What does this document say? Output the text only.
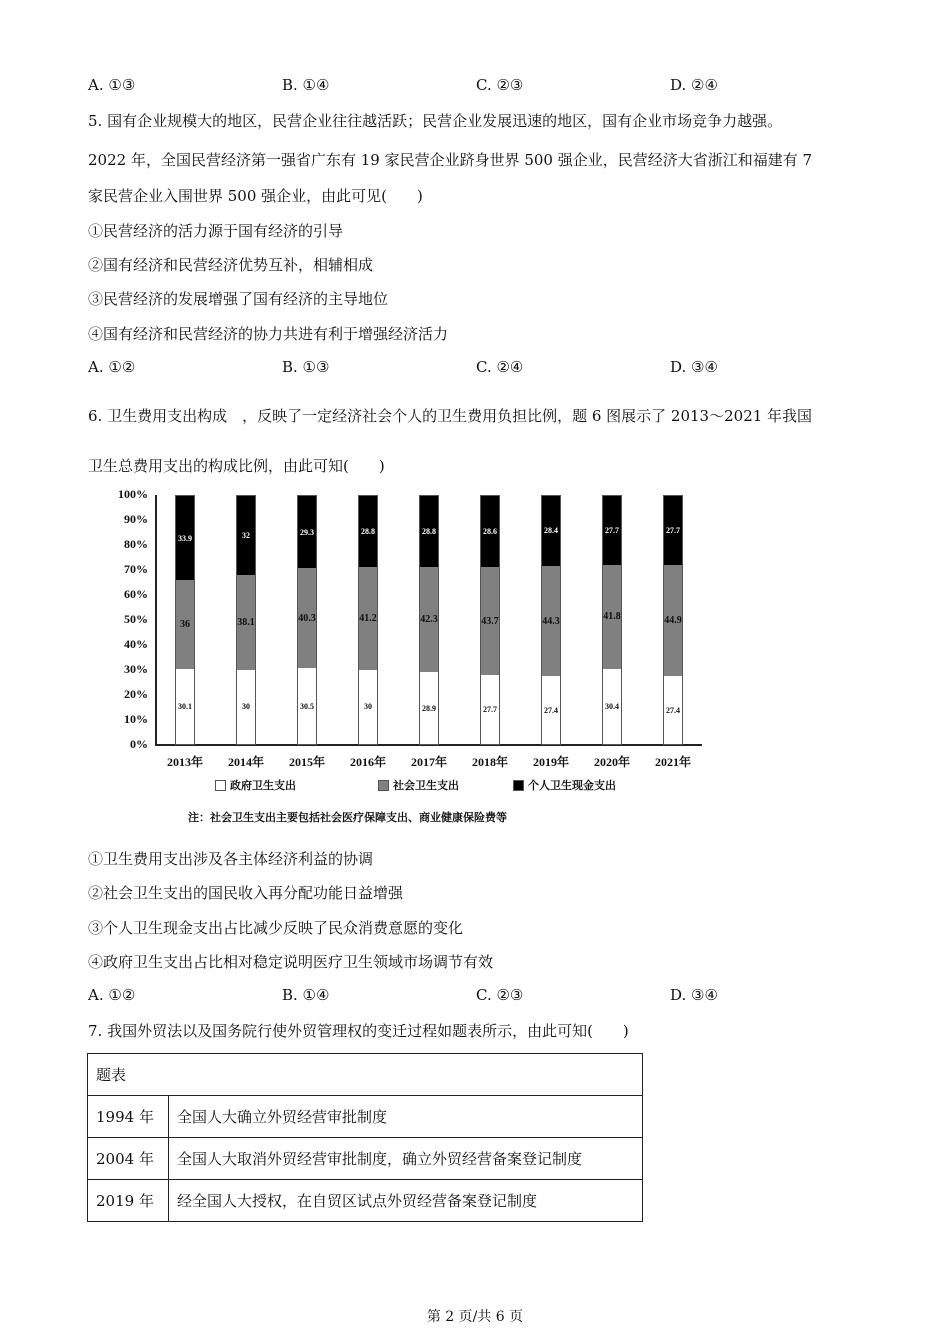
A. ①③	B. ①④	C. ②③	D. ②④
5. 国有企业规模大的地区，民营企业往往越活跃；民营企业发展迅速的地区，国有企业市场竞争力越强。
2022 年，全国民营经济第一强省广东有 19 家民营企业跻身世界 500 强企业，民营经济大省浙江和福建有 7
家民营企业入围世界 500 强企业，由此可见(　　)
①民营经济的活力源于国有经济的引导
②国有经济和民营经济优势互补，相辅相成
③民营经济的发展增强了国有经济的主导地位
④国有经济和民营经济的协力共进有利于增强经济活力
A. ①②	B. ①③	C. ②④	D. ③④
6. 卫生费用支出构成　，反映了一定经济社会个人的卫生费用负担比例，题 6 图展示了 2013～2021 年我国
卫生总费用支出的构成比例，由此可知(　　)
0%
10%
20%
30%
40%
50%
60%
70%
80%
90%
100%
30.1
36
33.9
2013年
30
38.1
32
2014年
30.5
40.3
29.3
2015年
30
41.2
28.8
2016年
28.9
42.3
28.8
2017年
27.7
43.7
28.6
2018年
27.4
44.3
28.4
2019年
30.4
41.8
27.7
2020年
27.4
44.9
27.7
2021年
政府卫生支出	社会卫生支出	个人卫生现金支出
注：社会卫生支出主要包括社会医疗保障支出、商业健康保险费等
①卫生费用支出涉及各主体经济利益的协调
②社会卫生支出的国民收入再分配功能日益增强
③个人卫生现金支出占比减少反映了民众消费意愿的变化
④政府卫生支出占比相对稳定说明医疗卫生领域市场调节有效
A. ①②	B. ①④	C. ②③	D. ③④
7. 我国外贸法以及国务院行使外贸管理权的变迁过程如题表所示，由此可知(　　)
题表	
1994 年	全国人大确立外贸经营审批制度
2004 年	全国人大取消外贸经营审批制度，确立外贸经营备案登记制度
2019 年	经全国人大授权，在自贸区试点外贸经营备案登记制度
第 2 页/共 6 页
